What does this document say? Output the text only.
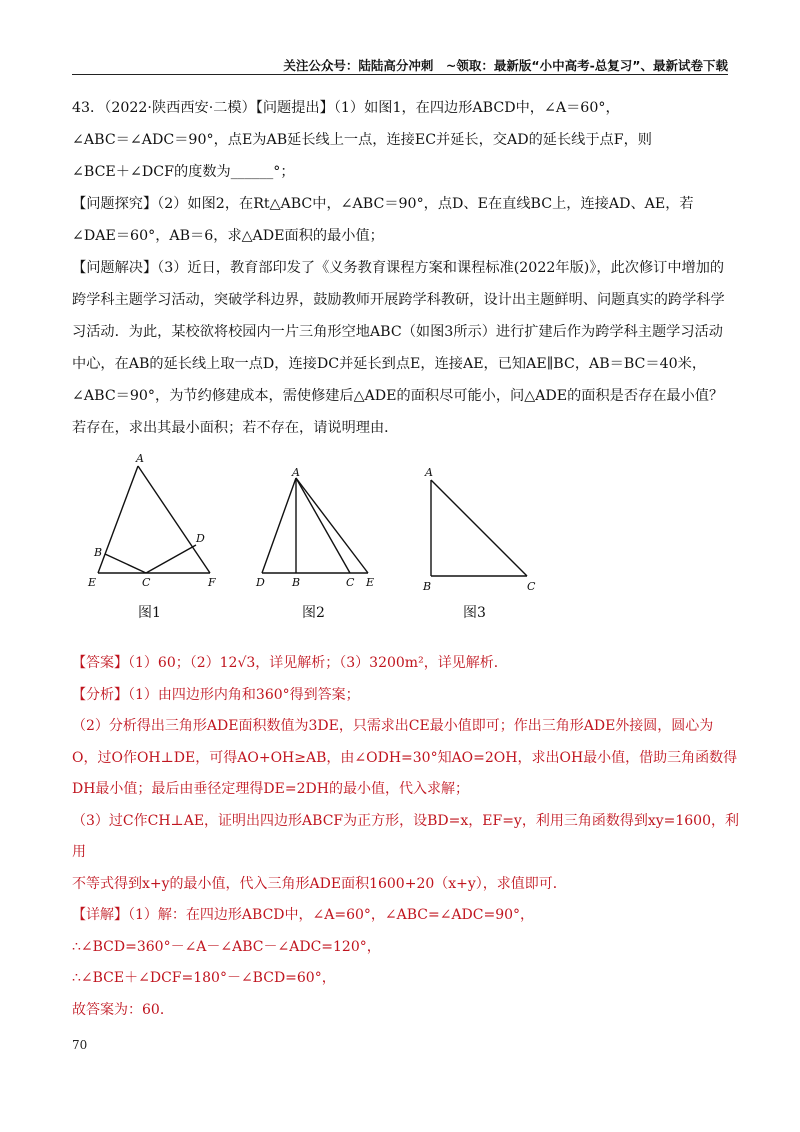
关注公众号：陆陆高分冲刺　~领取：最新版“小中高考-总复习”、最新试卷下载

43．（2022·陕西西安·二模）【问题提出】（1）如图1，在四边形ABCD中，∠A＝60°，

∠ABC＝∠ADC＝90°，点E为AB延长线上一点，连接EC并延长，交AD的延长线于点F，则

∠BCE＋∠DCF的度数为______°；

【问题探究】（2）如图2，在Rt△ABC中，∠ABC＝90°，点D、E在直线BC上，连接AD、AE，若

∠DAE＝60°，AB＝6，求△ADE面积的最小值；

【问题解决】（3）近日，教育部印发了《义务教育课程方案和课程标准(2022年版)》，此次修订中增加的

跨学科主题学习活动，突破学科边界，鼓励教师开展跨学科教研，设计出主题鲜明、问题真实的跨学科学

习活动．为此，某校欲将校园内一片三角形空地ABC（如图3所示）进行扩建后作为跨学科主题学习活动

中心，在AB的延长线上取一点D，连接DC并延长到点E，连接AE，已知AE∥BC，AB＝BC＝40米，

∠ABC＝90°，为节约修建成本，需使修建后△ADE的面积尽可能小，问△ADE的面积是否存在最小值？

若存在，求出其最小面积；若不存在，请说明理由．

A
B
C
D
E	F
图1
A
B	C
D	E
图2
A
B	C
图3

【答案】（1）60；（2）12√3，详见解析；（3）3200m²，详见解析．

【分析】（1）由四边形内角和360°得到答案；

（2）分析得出三角形ADE面积数值为3DE，只需求出CE最小值即可；作出三角形ADE外接圆，圆心为

O，过O作OH⊥DE，可得AO+OH≥AB，由∠ODH=30°知AO=2OH，求出OH最小值，借助三角函数得

DH最小值；最后由垂径定理得DE=2DH的最小值，代入求解；

（3）过C作CH⊥AE，证明出四边形ABCF为正方形，设BD=x，EF=y，利用三角函数得到xy=1600，利用

不等式得到x+y的最小值，代入三角形ADE面积1600+20（x+y），求值即可．

【详解】（1）解：在四边形ABCD中，∠A=60°，∠ABC=∠ADC=90°，

∴∠BCD=360°－∠A－∠ABC－∠ADC=120°，

∴∠BCE＋∠DCF=180°－∠BCD=60°，

故答案为：60．

70
